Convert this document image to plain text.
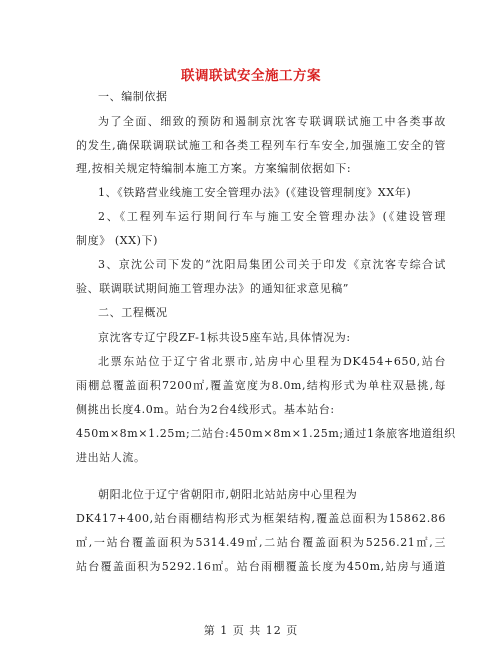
联调联试安全施工方案
一、编制依据
为了全面、细致的预防和遏制京沈客专联调联试施工中各类事故
的发生,确保联调联试施工和各类工程列车行车安全,加强施工安全的管
理,按相关规定特编制本施工方案。方案编制依据如下:
1、《铁路营业线施工安全管理办法》(《建设管理制度》XX年)
2、《工程列车运行期间行车与施工安全管理办法》(《建设管理
制度》 (XX)下)
3、京沈公司下发的“沈阳局集团公司关于印发《京沈客专综合试
验、联调联试期间施工管理办法》的通知征求意见稿”
二、工程概况
京沈客专辽宁段ZF-1标共设5座车站,具体情况为:
北票东站位于辽宁省北票市,站房中心里程为DK454+650,站台
雨棚总覆盖面积7200㎡,覆盖宽度为8.0m,结构形式为单柱双悬挑,每
侧挑出长度4.0m。站台为2台4线形式。基本站台:
450m×8m×1.25m;二站台:450m×8m×1.25m;通过1条旅客地道组织
进出站人流。
朝阳北位于辽宁省朝阳市,朝阳北站站房中心里程为
DK417+400,站台雨棚结构形式为框架结构,覆盖总面积为15862.86
㎡,一站台覆盖面积为5314.49㎡,二站台覆盖面积为5256.21㎡,三
站台覆盖面积为5292.16㎡。站台雨棚覆盖长度为450m,站房与通道
第 1 页 共 12 页
